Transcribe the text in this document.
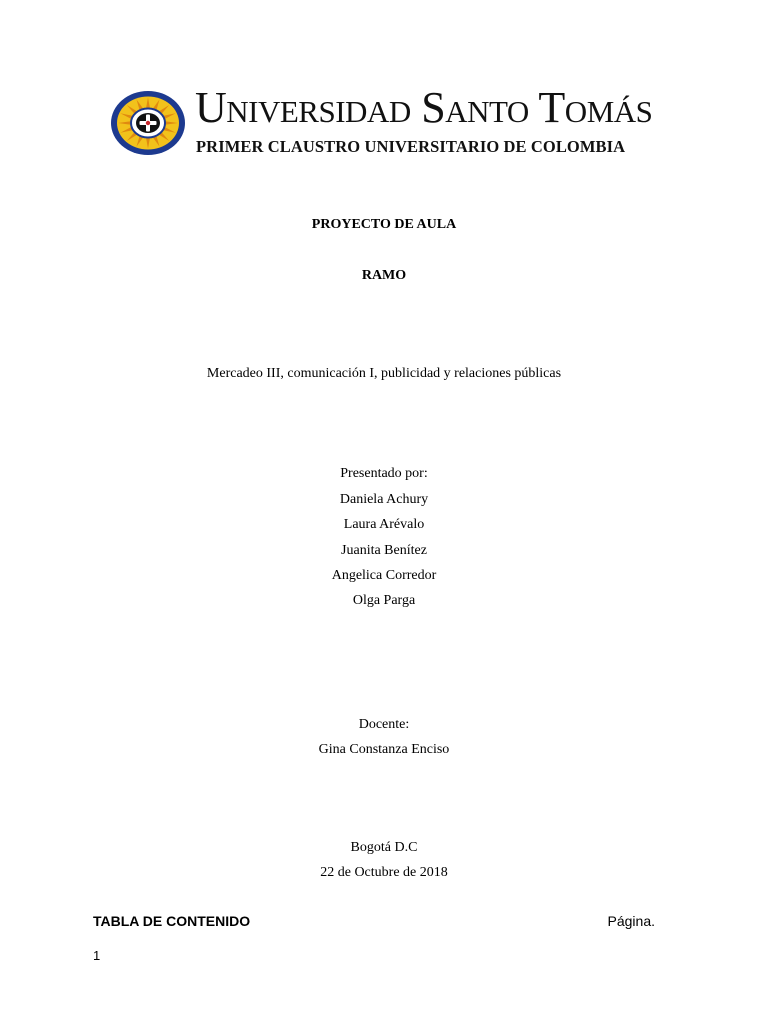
Universidad Santo Tomás
PRIMER CLAUSTRO UNIVERSITARIO DE COLOMBIA
PROYECTO DE AULA
RAMO
Mercadeo III, comunicación I, publicidad y relaciones públicas
Presentado por:
Daniela Achury
Laura Arévalo
Juanita Benítez
Angelica Corredor
Olga Parga
Docente:
Gina Constanza Enciso
Bogotá D.C
22 de Octubre de 2018
TABLA DE CONTENIDO	Página.
1
